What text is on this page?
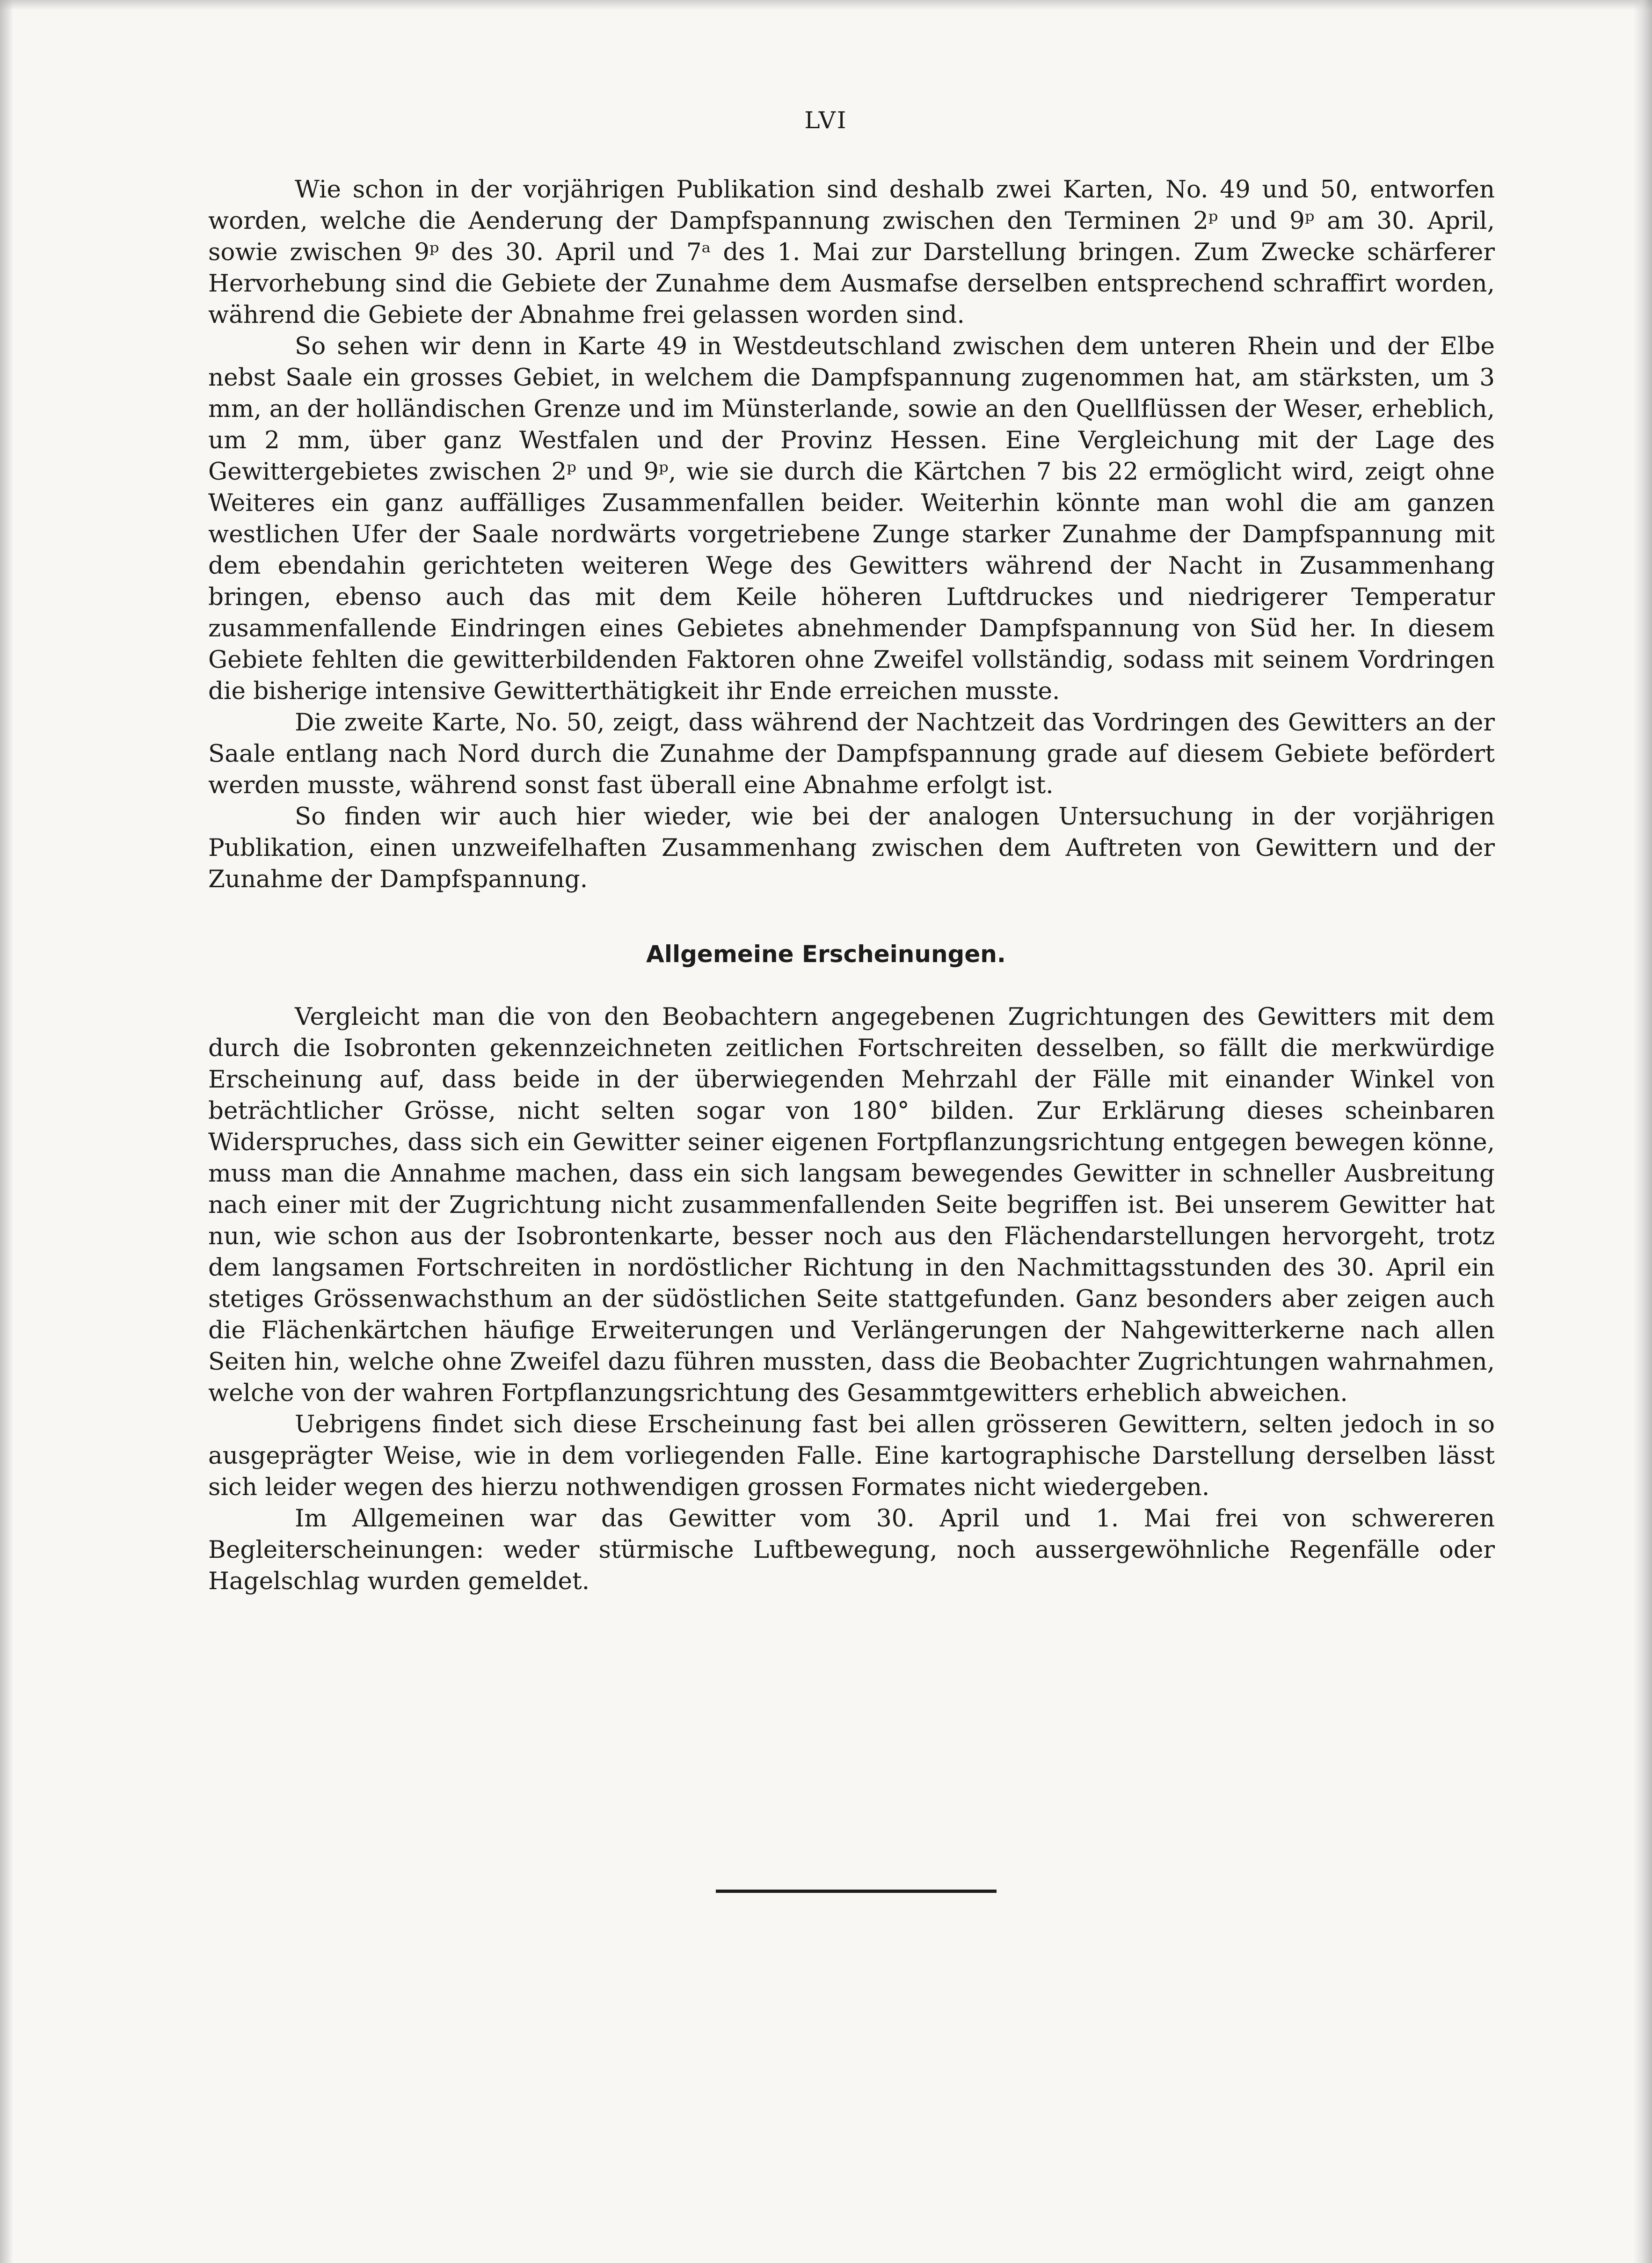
LVI

Wie schon in der vorjährigen Publikation sind deshalb zwei Karten, No. 49 und 50, entworfen worden, welche die Aenderung der Dampfspannung zwischen den Terminen 2ᵖ und 9ᵖ am 30. April, sowie zwischen 9ᵖ des 30. April und 7ᵃ des 1. Mai zur Darstellung bringen. Zum Zwecke schärferer Hervorhebung sind die Gebiete der Zunahme dem Ausmafse derselben entsprechend schraffirt worden, während die Gebiete der Abnahme frei gelassen worden sind.

So sehen wir denn in Karte 49 in Westdeutschland zwischen dem unteren Rhein und der Elbe nebst Saale ein grosses Gebiet, in welchem die Dampfspannung zugenommen hat, am stärksten, um 3 mm, an der holländischen Grenze und im Münsterlande, sowie an den Quellflüssen der Weser, erheblich, um 2 mm, über ganz Westfalen und der Provinz Hessen. Eine Vergleichung mit der Lage des Gewittergebietes zwischen 2ᵖ und 9ᵖ, wie sie durch die Kärtchen 7 bis 22 ermöglicht wird, zeigt ohne Weiteres ein ganz auffälliges Zusammenfallen beider. Weiterhin könnte man wohl die am ganzen westlichen Ufer der Saale nordwärts vorgetriebene Zunge starker Zunahme der Dampfspannung mit dem ebendahin gerichteten weiteren Wege des Gewitters während der Nacht in Zusammenhang bringen, ebenso auch das mit dem Keile höheren Luftdruckes und niedrigerer Temperatur zusammenfallende Eindringen eines Gebietes abnehmender Dampfspannung von Süd her. In diesem Gebiete fehlten die gewitterbildenden Faktoren ohne Zweifel vollständig, sodass mit seinem Vordringen die bisherige intensive Gewitterthätigkeit ihr Ende erreichen musste.

Die zweite Karte, No. 50, zeigt, dass während der Nachtzeit das Vordringen des Gewitters an der Saale entlang nach Nord durch die Zunahme der Dampfspannung grade auf diesem Gebiete befördert werden musste, während sonst fast überall eine Abnahme erfolgt ist.

So finden wir auch hier wieder, wie bei der analogen Untersuchung in der vorjährigen Publikation, einen unzweifelhaften Zusammenhang zwischen dem Auftreten von Gewittern und der Zunahme der Dampfspannung.

Allgemeine Erscheinungen.

Vergleicht man die von den Beobachtern angegebenen Zugrichtungen des Gewitters mit dem durch die Isobronten gekennzeichneten zeitlichen Fortschreiten desselben, so fällt die merkwürdige Erscheinung auf, dass beide in der überwiegenden Mehrzahl der Fälle mit einander Winkel von beträchtlicher Grösse, nicht selten sogar von 180° bilden. Zur Erklärung dieses scheinbaren Widerspruches, dass sich ein Gewitter seiner eigenen Fortpflanzungsrichtung entgegen bewegen könne, muss man die Annahme machen, dass ein sich langsam bewegendes Gewitter in schneller Ausbreitung nach einer mit der Zugrichtung nicht zusammenfallenden Seite begriffen ist. Bei unserem Gewitter hat nun, wie schon aus der Isobrontenkarte, besser noch aus den Flächendarstellungen hervorgeht, trotz dem langsamen Fortschreiten in nordöstlicher Richtung in den Nachmittagsstunden des 30. April ein stetiges Grössenwachsthum an der südöstlichen Seite stattgefunden. Ganz besonders aber zeigen auch die Flächenkärtchen häufige Erweiterungen und Verlängerungen der Nahgewitterkerne nach allen Seiten hin, welche ohne Zweifel dazu führen mussten, dass die Beobachter Zugrichtungen wahrnahmen, welche von der wahren Fortpflanzungsrichtung des Gesammtgewitters erheblich abweichen.

Uebrigens findet sich diese Erscheinung fast bei allen grösseren Gewittern, selten jedoch in so ausgeprägter Weise, wie in dem vorliegenden Falle. Eine kartographische Darstellung derselben lässt sich leider wegen des hierzu nothwendigen grossen Formates nicht wiedergeben.

Im Allgemeinen war das Gewitter vom 30. April und 1. Mai frei von schwereren Begleiterscheinungen: weder stürmische Luftbewegung, noch aussergewöhnliche Regenfälle oder Hagelschlag wurden gemeldet.
